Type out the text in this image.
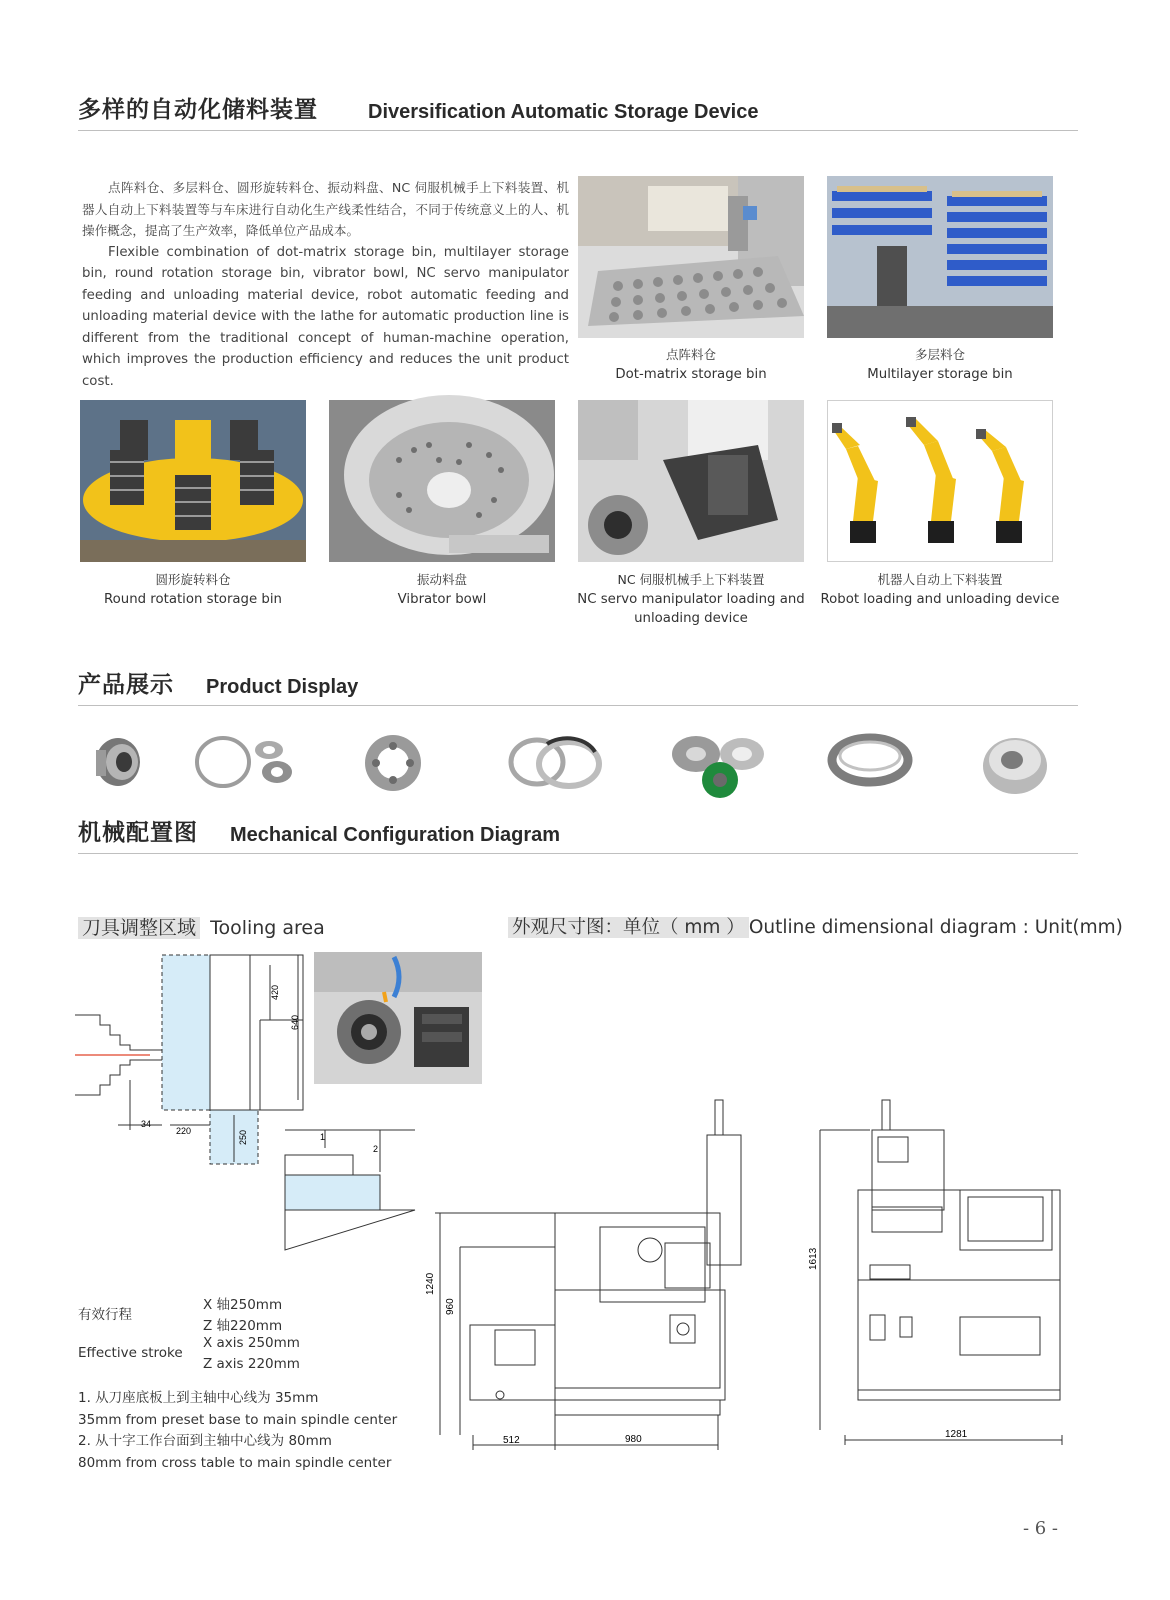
多样的自动化储料装置	Diversification Automatic Storage Device

点阵料仓、多层料仓、圆形旋转料仓、振动料盘、NC 伺服机械手上下料装置、机器人自动上下料装置等与车床进行自动化生产线柔性结合，不同于传统意义上的人、机操作概念，提高了生产效率，降低单位产品成本。

Flexible combination of dot-matrix storage bin, multilayer storage bin, round rotation storage bin, vibrator bowl, NC servo manipulator feeding and unloading material device, robot automatic feeding and unloading material device with the lathe for automatic production line is different from the traditional concept of human-machine operation, which improves the production efficiency and reduces the unit product cost.

点阵料仓
Dot-matrix storage bin
多层料仓
Multilayer storage bin
圆形旋转料仓
Round rotation storage bin
振动料盘
Vibrator bowl
NC 伺服机械手上下料装置
NC servo manipulator loading and unloading device
机器人自动上下料装置
Robot loading and unloading device
产品展示 Product Display
机械配置图 Mechanical Configuration Diagram
刀具调整区域 Tooling area	外观尺寸图：单位（ mm ） Outline dimensional diagram : Unit(mm)
420
640
34
220	250	1
2
有效行程
Effective stroke
X 轴250mm
Z 轴220mm
X axis 250mm
Z axis 220mm
1. 从刀座底板上到主轴中心线为 35mm
35mm from preset base to main spindle center
2. 从十字工作台面到主轴中心线为 80mm
80mm from cross table to main spindle center
1240
960
512	980
1613
1281
- 6 -
